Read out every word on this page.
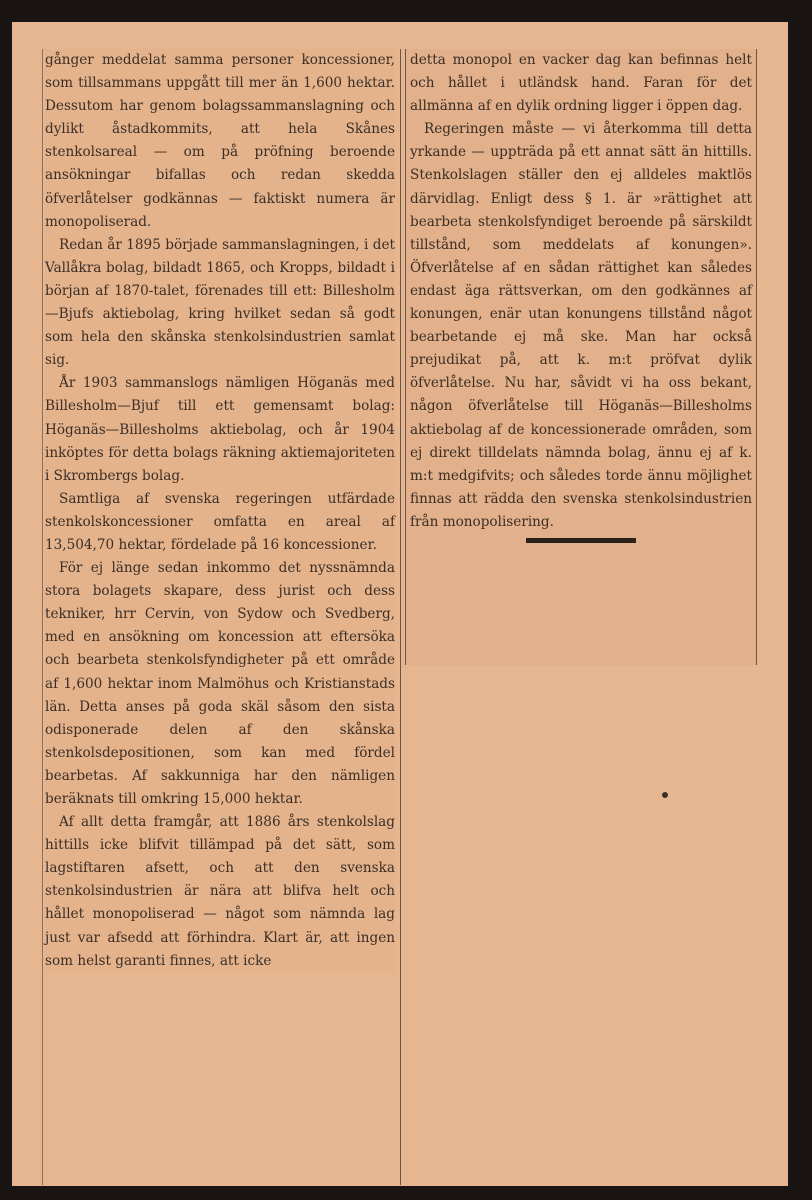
gånger meddelat samma personer koncessioner, som tillsammans uppgått till mer än 1,600 hektar. Dessutom har genom bolagssammanslagning och dylikt åstadkommits, att hela Skånes stenkolsareal — om på pröfning beroende ansökningar bifallas och redan skedda öfverlåtelser godkännas — faktiskt numera är monopoliserad.

Redan år 1895 började sammanslagningen, i det Vallåkra bolag, bildadt 1865, och Kropps, bildadt i början af 1870-talet, förenades till ett: Billesholm—Bjufs aktiebolag, kring hvilket sedan så godt som hela den skånska stenkolsindustrien samlat sig.

År 1903 sammanslogs nämligen Höganäs med Billesholm—Bjuf till ett gemensamt bolag: Höganäs—Billesholms aktiebolag, och år 1904 inköptes för detta bolags räkning aktiemajoriteten i Skrombergs bolag.

Samtliga af svenska regeringen utfärdade stenkolskoncessioner omfatta en areal af 13,504,70 hektar, fördelade på 16 koncessioner.

För ej länge sedan inkommo det nyssnämnda stora bolagets skapare, dess jurist och dess tekniker, hrr Cervin, von Sydow och Svedberg, med en ansökning om koncession att eftersöka och bearbeta stenkolsfyndigheter på ett område af 1,600 hektar inom Malmöhus och Kristianstads län. Detta anses på goda skäl såsom den sista odisponerade delen af den skånska stenkolsdepositionen, som kan med fördel bearbetas. Af sakkunniga har den nämligen beräknats till omkring 15,000 hektar.

Af allt detta framgår, att 1886 års stenkolslag hittills icke blifvit tillämpad på det sätt, som lagstiftaren afsett, och att den svenska stenkolsindustrien är nära att blifva helt och hållet monopoliserad — något som nämnda lag just var afsedd att förhindra. Klart är, att ingen som helst garanti finnes, att icke

detta monopol en vacker dag kan befinnas helt och hållet i utländsk hand. Faran för det allmänna af en dylik ordning ligger i öppen dag.

Regeringen måste — vi återkomma till detta yrkande — uppträda på ett annat sätt än hittills. Stenkolslagen ställer den ej alldeles maktlös därvidlag. Enligt dess § 1. är »rättighet att bearbeta stenkolsfyndiget beroende på särskildt tillstånd, som meddelats af konungen». Öfverlåtelse af en sådan rättighet kan således endast äga rättsverkan, om den godkännes af konungen, enär utan konungens tillstånd något bearbetande ej må ske. Man har också prejudikat på, att k. m:t pröfvat dylik öfverlåtelse. Nu har, såvidt vi ha oss bekant, någon öfverlåtelse till Höganäs—Billesholms aktiebolag af de koncessionerade områden, som ej direkt tilldelats nämnda bolag, ännu ej af k. m:t medgifvits; och således torde ännu möjlighet finnas att rädda den svenska stenkolsindustrien från monopolisering.
